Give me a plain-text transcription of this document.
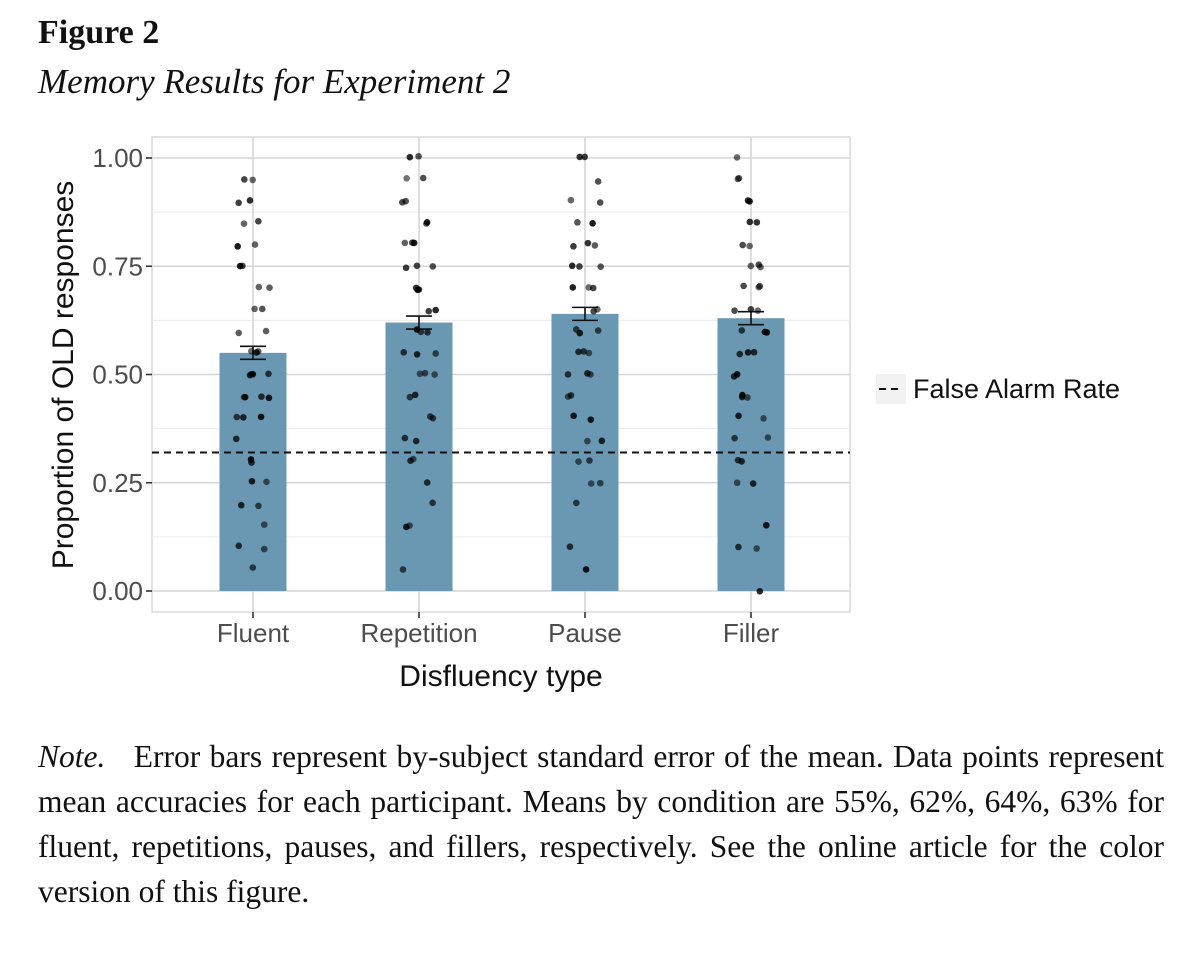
Figure 2
Memory Results for Experiment 2
0.00
0.25
0.50
0.75
1.00
Fluent	Repetition	Pause	Filler
Disfluency type
Proportion of OLD responses	False Alarm Rate
Note. Error bars represent by-subject standard error of the mean. Data points represent mean accuracies for each participant. Means by condition are 55%, 62%, 64%, 63% for fluent, repetitions, pauses, and fillers, respectively. See the online article for the color version of this figure.
